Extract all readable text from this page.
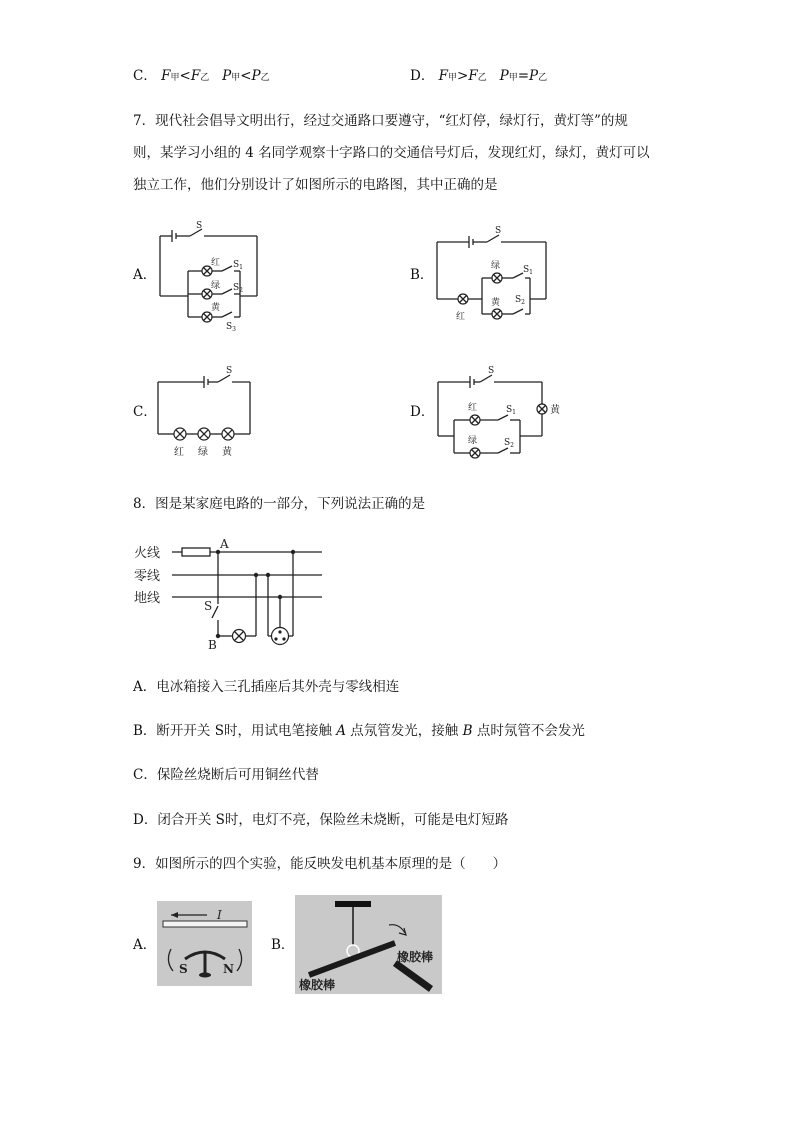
C． F甲<F乙 P甲<P乙	D． F甲>F乙 P甲=P乙
7．现代社会倡导文明出行，经过交通路口要遵守，“红灯停，绿灯行，黄灯等”的规
则，某学习小组的 4 名同学观察十字路口的交通信号灯后，发现红灯，绿灯，黄灯可以
独立工作，他们分别设计了如图所示的电路图，其中正确的是
A．	B．
C．	D．
S
红 $S_1$
绿 $S_2$
黄
$S_3$
S
红
绿	$S_1$
黄 $S_2$
S
红 绿 黄
S
黄
红	$S_1$
绿	$S_2$
8．图是某家庭电路的一部分，下列说法正确的是
火线
零线
地线
A
S
B
A．电冰箱接入三孔插座后其外壳与零线相连
B．断开开关 S时，用试电笔接触 A 点氖管发光，接触 B 点时氖管不会发光
C．保险丝烧断后可用铜丝代替
D．闭合开关 S时，电灯不亮，保险丝未烧断，可能是电灯短路
9．如图所示的四个实验，能反映发电机基本原理的是（　　）
A．
I
S	N
B．
橡胶棒
橡胶棒
